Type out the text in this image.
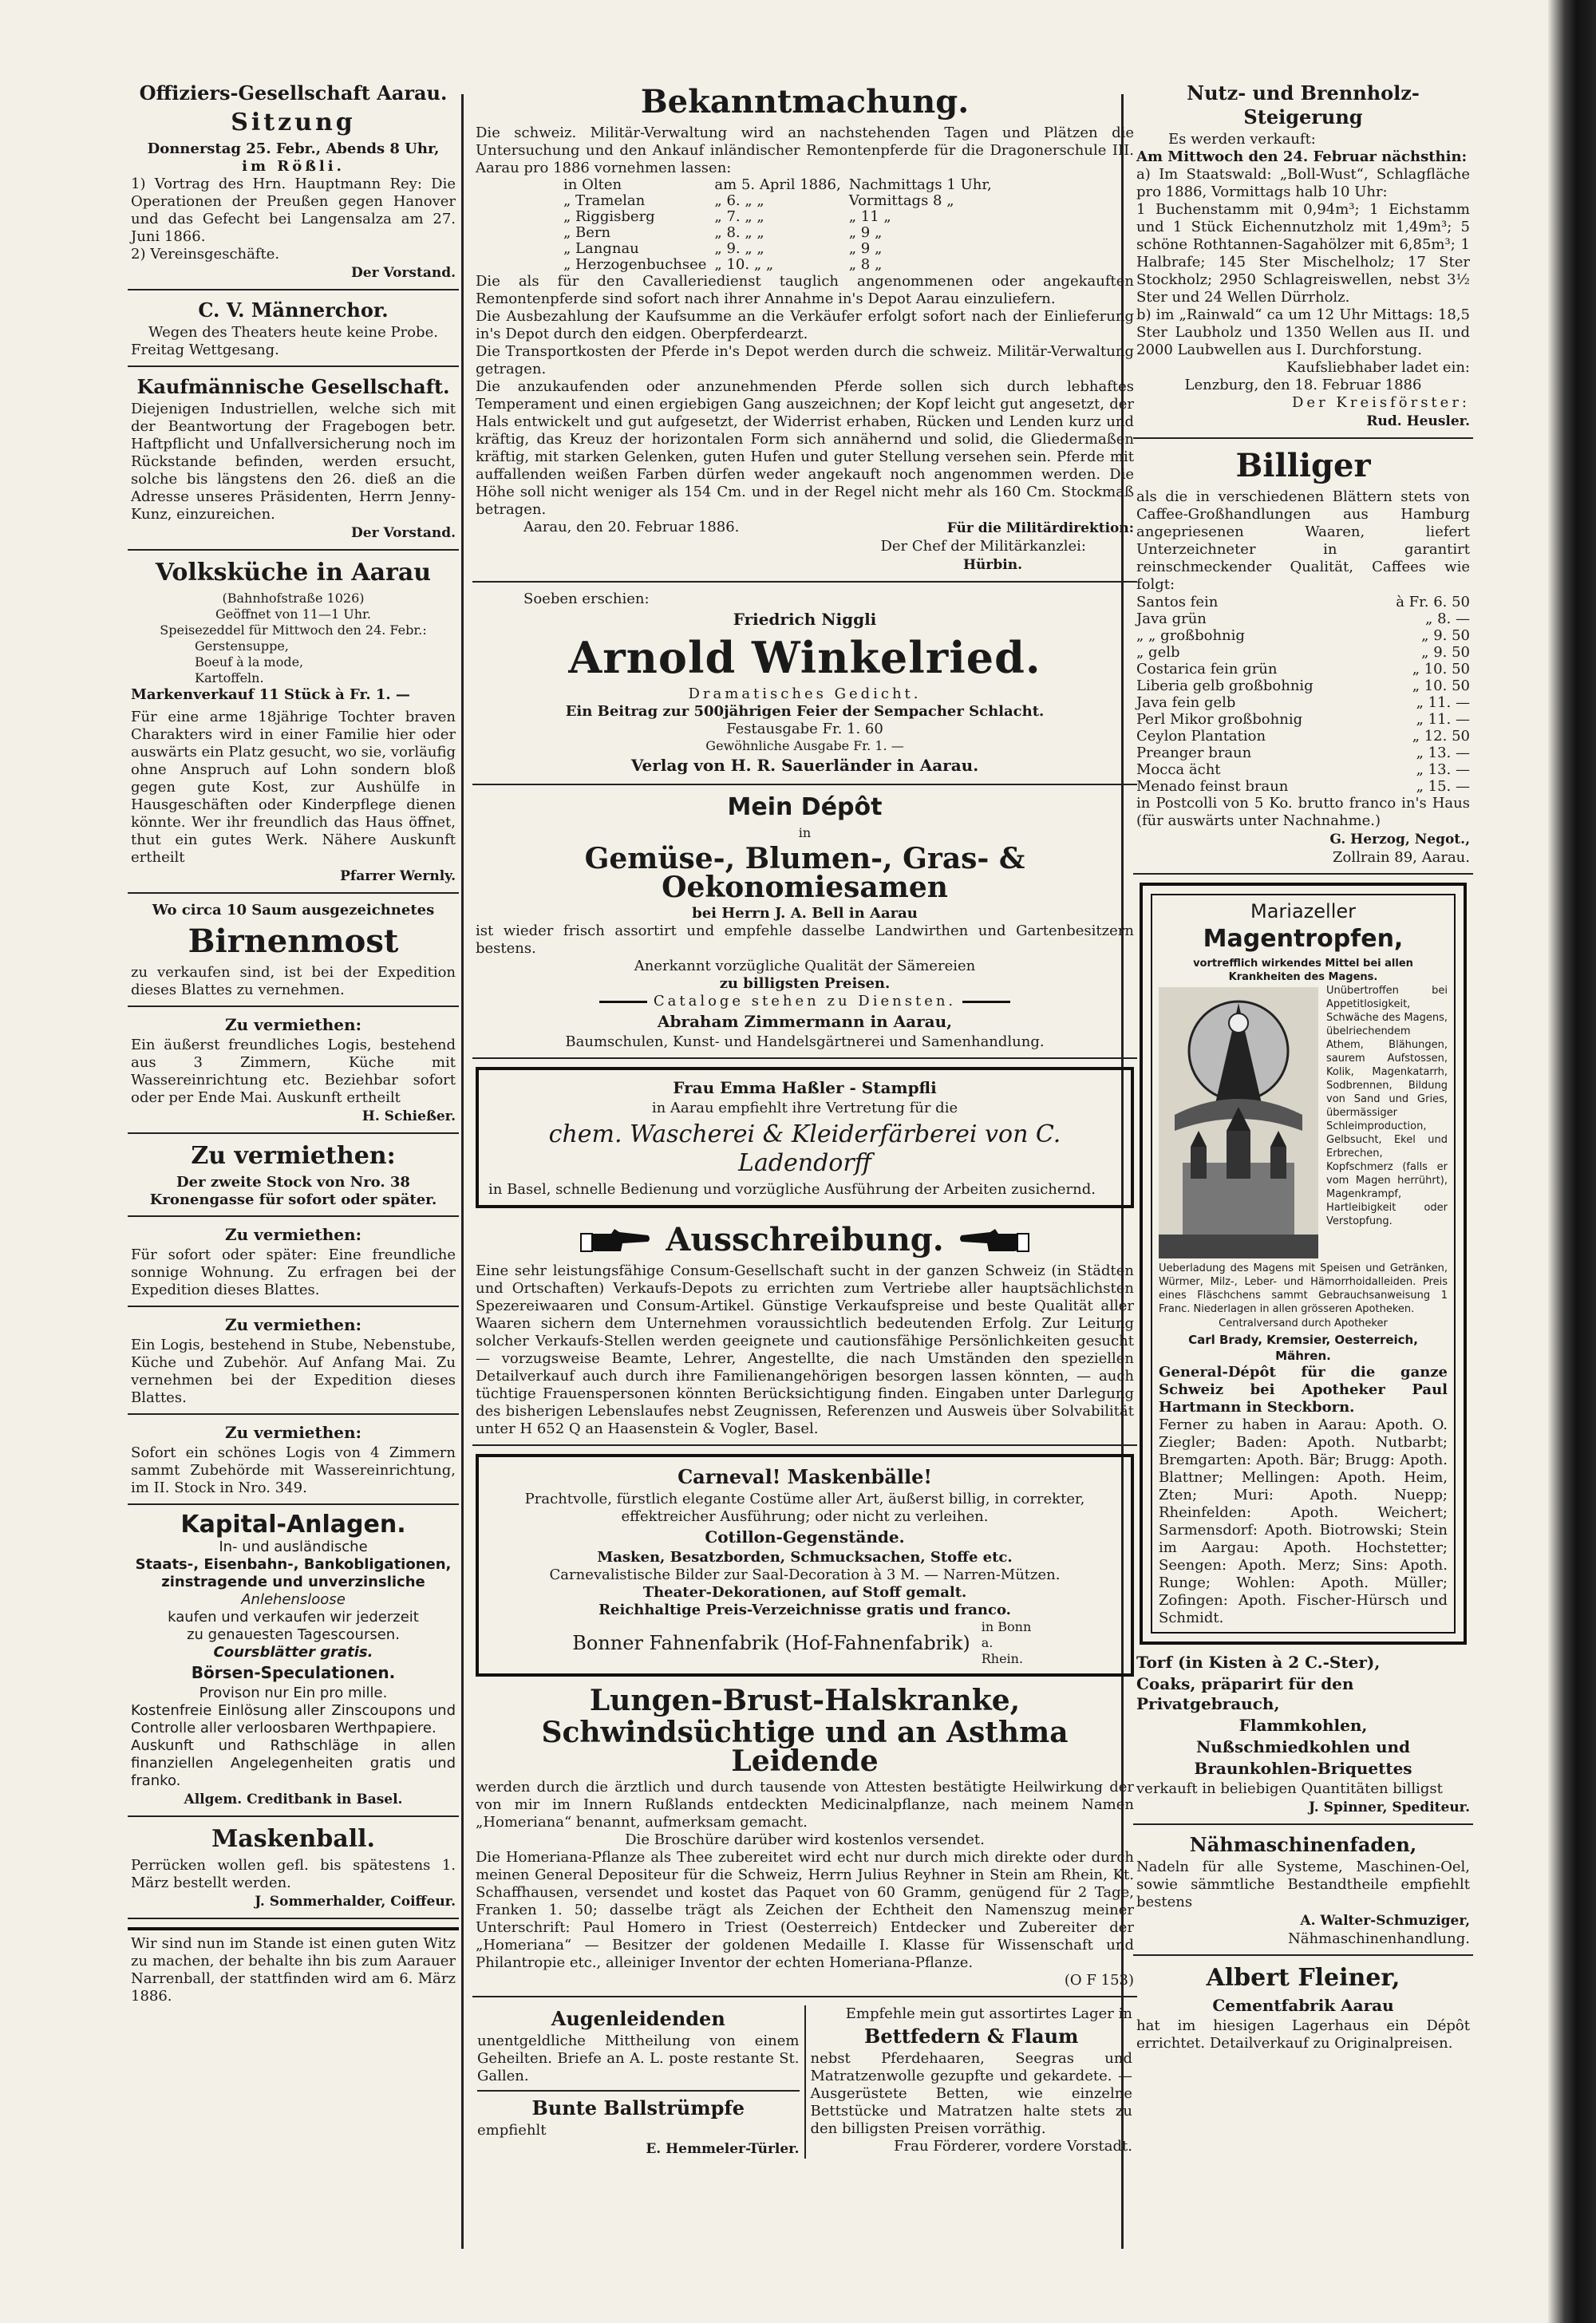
Offiziers-Gesellschaft Aarau.

Sitzung

Donnerstag 25. Febr., Abends 8 Uhr,

im Rößli.

1) Vortrag des Hrn. Hauptmann Rey: Die Operationen der Preußen gegen Hanover und das Gefecht bei Langensalza am 27. Juni 1866.

2) Vereinsgeschäfte.

Der Vorstand.

C. V. Männerchor.

Wegen des Theaters heute keine Probe.

Freitag Wettgesang.

Kaufmännische Gesellschaft.

Diejenigen Industriellen, welche sich mit der Beantwortung der Fragebogen betr. Haftpflicht und Unfallversicherung noch im Rückstande befinden, werden ersucht, solche bis längstens den 26. dieß an die Adresse unseres Präsidenten, Herrn Jenny-Kunz, einzureichen.

Der Vorstand.

Volksküche in Aarau

(Bahnhofstraße 1026)

Geöffnet von 11—1 Uhr.

Speisezeddel für Mittwoch den 24. Febr.:

Gerstensuppe,

Boeuf à la mode,

Kartoffeln.

Markenverkauf 11 Stück à Fr. 1. —

Für eine arme 18jährige Tochter braven Charakters wird in einer Familie hier oder auswärts ein Platz gesucht, wo sie, vorläufig ohne Anspruch auf Lohn sondern bloß gegen gute Kost, zur Aushülfe in Hausgeschäften oder Kinderpflege dienen könnte. Wer ihr freundlich das Haus öffnet, thut ein gutes Werk. Nähere Auskunft ertheilt

Pfarrer Wernly.

Wo circa 10 Saum ausgezeichnetes

Birnenmost

zu verkaufen sind, ist bei der Expedition dieses Blattes zu vernehmen.

Zu vermiethen:

Ein äußerst freundliches Logis, bestehend aus 3 Zimmern, Küche mit Wassereinrichtung etc. Beziehbar sofort oder per Ende Mai. Auskunft ertheilt

H. Schießer.

Zu vermiethen:

Der zweite Stock von Nro. 38 Kronengasse für sofort oder später.

Zu vermiethen:

Für sofort oder später: Eine freundliche sonnige Wohnung. Zu erfragen bei der Expedition dieses Blattes.

Zu vermiethen:

Ein Logis, bestehend in Stube, Nebenstube, Küche und Zubehör. Auf Anfang Mai. Zu vernehmen bei der Expedition dieses Blattes.

Zu vermiethen:

Sofort ein schönes Logis von 4 Zimmern sammt Zubehörde mit Wassereinrichtung, im II. Stock in Nro. 349.

Kapital-Anlagen.

In- und ausländische

Staats-, Eisenbahn-, Bankobligationen,

zinstragende und unverzinsliche

Anlehensloose

kaufen und verkaufen wir jederzeit

zu genauesten Tagescoursen.

Coursblätter gratis.

Börsen-Speculationen.

Provison nur Ein pro mille.

Kostenfreie Einlösung aller Zinscoupons und Controlle aller verloosbaren Werthpapiere.

Auskunft und Rathschläge in allen finanziellen Angelegenheiten gratis und franko.

Allgem. Creditbank in Basel.

Maskenball.

Perrücken wollen gefl. bis spätestens 1. März bestellt werden.

J. Sommerhalder, Coiffeur.

Wir sind nun im Stande ist einen guten Witz zu machen, der behalte ihn bis zum Aarauer Narrenball, der stattfinden wird am 6. März 1886.

Bekanntmachung.

Die schweiz. Militär-Verwaltung wird an nachstehenden Tagen und Plätzen die Untersuchung und den Ankauf inländischer Remontenpferde für die Dragonerschule III. Aarau pro 1886 vornehmen lassen:

in Olten	am 5. April 1886,	Nachmittags 1 Uhr,
„ Tramelan	„ 6. „ „	Vormittags 8 „
„ Riggisberg	„ 7. „ „	„ 11 „
„ Bern	„ 8. „ „	„ 9 „
„ Langnau	„ 9. „ „	„ 9 „
„ Herzogenbuchsee	„ 10. „ „	„ 8 „

Die als für den Cavalleriedienst tauglich angenommenen oder angekauften Remontenpferde sind sofort nach ihrer Annahme in's Depot Aarau einzuliefern.

Die Ausbezahlung der Kaufsumme an die Verkäufer erfolgt sofort nach der Einlieferung in's Depot durch den eidgen. Oberpferdearzt.

Die Transportkosten der Pferde in's Depot werden durch die schweiz. Militär-Verwaltung getragen.

Die anzukaufenden oder anzunehmenden Pferde sollen sich durch lebhaftes Temperament und einen ergiebigen Gang auszeichnen; der Kopf leicht gut angesetzt, der Hals entwickelt und gut aufgesetzt, der Widerrist erhaben, Rücken und Lenden kurz und kräftig, das Kreuz der horizontalen Form sich annähernd und solid, die Gliedermaßen kräftig, mit starken Gelenken, guten Hufen und guter Stellung versehen sein. Pferde mit auffallenden weißen Farben dürfen weder angekauft noch angenommen werden. Die Höhe soll nicht weniger als 154 Cm. und in der Regel nicht mehr als 160 Cm. Stockmaß betragen.

Aarau, den 20. Februar 1886.	Für die Militärdirektion:

Der Chef der Militärkanzlei:

Hürbin.

Soeben erschien:

Friedrich Niggli

Arnold Winkelried.

Dramatisches Gedicht.

Ein Beitrag zur 500jährigen Feier der Sempacher Schlacht.

Festausgabe Fr. 1. 60

Gewöhnliche Ausgabe Fr. 1. —

Verlag von H. R. Sauerländer in Aarau.

Mein Dépôt

in

Gemüse-, Blumen-, Gras- & Oekonomiesamen

bei Herrn J. A. Bell in Aarau

ist wieder frisch assortirt und empfehle dasselbe Landwirthen und Gartenbesitzern bestens.

Anerkannt vorzügliche Qualität der Sämereien

zu billigsten Preisen.

Cataloge stehen zu Diensten.

Abraham Zimmermann in Aarau,

Baumschulen, Kunst- und Handelsgärtnerei und Samenhandlung.

Frau Emma Haßler - Stampfli

in Aarau empfiehlt ihre Vertretung für die

chem. Wascherei & Kleiderfärberei von C. Ladendorff

in Basel, schnelle Bedienung und vorzügliche Ausführung der Arbeiten zusichernd.

Ausschreibung.

Eine sehr leistungsfähige Consum-Gesellschaft sucht in der ganzen Schweiz (in Städten und Ortschaften) Verkaufs-Depots zu errichten zum Vertriebe aller hauptsächlichsten Spezereiwaaren und Consum-Artikel. Günstige Verkaufspreise und beste Qualität aller Waaren sichern dem Unternehmen voraussichtlich bedeutenden Erfolg. Zur Leitung solcher Verkaufs-Stellen werden geeignete und cautionsfähige Persönlichkeiten gesucht — vorzugsweise Beamte, Lehrer, Angestellte, die nach Umständen den speziellen Detailverkauf auch durch ihre Familienangehörigen besorgen lassen könnten, — auch tüchtige Frauenspersonen könnten Berücksichtigung finden. Eingaben unter Darlegung des bisherigen Lebenslaufes nebst Zeugnissen, Referenzen und Ausweis über Solvabilität unter H 652 Q an Haasenstein & Vogler, Basel.

Carneval! Maskenbälle!

Prachtvolle, fürstlich elegante Costüme aller Art, äußerst billig, in correkter, effektreicher Ausführung; oder nicht zu verleihen.

Cotillon-Gegenstände.

Masken, Besatzborden, Schmucksachen, Stoffe etc.

Carnevalistische Bilder zur Saal-Decoration à 3 M. — Narren-Mützen.

Theater-Dekorationen, auf Stoff gemalt.

Reichhaltige Preis-Verzeichnisse gratis und franco.

Bonner Fahnenfabrik (Hof-Fahnenfabrik)

in Bonn a. Rhein.

Lungen-Brust-Halskranke,

Schwindsüchtige und an Asthma Leidende

werden durch die ärztlich und durch tausende von Attesten bestätigte Heilwirkung der von mir im Innern Rußlands entdeckten Medicinalpflanze, nach meinem Namen „Homeriana“ benannt, aufmerksam gemacht.

Die Broschüre darüber wird kostenlos versendet.

Die Homeriana-Pflanze als Thee zubereitet wird echt nur durch mich direkte oder durch meinen General Depositeur für die Schweiz, Herrn Julius Reyhner in Stein am Rhein, Kt. Schaffhausen, versendet und kostet das Paquet von 60 Gramm, genügend für 2 Tage, Franken 1. 50; dasselbe trägt als Zeichen der Echtheit den Namenszug meiner Unterschrift: Paul Homero in Triest (Oesterreich) Entdecker und Zubereiter der „Homeriana“ — Besitzer der goldenen Medaille I. Klasse für Wissenschaft und Philantropie etc., alleiniger Inventor der echten Homeriana-Pflanze.

(O F 153)

Augenleidenden

unentgeldliche Mittheilung von einem Geheilten. Briefe an A. L. poste restante St. Gallen.

Bunte Ballstrümpfe

empfiehlt

E. Hemmeler-Türler.

Empfehle mein gut assortirtes Lager in

Bettfedern & Flaum

nebst Pferdehaaren, Seegras und Matratzenwolle gezupfte und gekardete. — Ausgerüstete Betten, wie einzelne Bettstücke und Matratzen halte stets zu den billigsten Preisen vorräthig.

Frau Förderer, vordere Vorstadt.

Nutz- und Brennholz-Steigerung

Es werden verkauft:

Am Mittwoch den 24. Februar nächsthin:

a) Im Staatswald: „Boll-Wust“, Schlagfläche pro 1886, Vormittags halb 10 Uhr:

1 Buchenstamm mit 0,94m³; 1 Eichstamm und 1 Stück Eichennutzholz mit 1,49m³; 5 schöne Rothtannen-Sagahölzer mit 6,85m³; 1 Halbrafe; 145 Ster Mischelholz; 17 Ster Stockholz; 2950 Schlagreiswellen, nebst 3½ Ster und 24 Wellen Dürrholz.

b) im „Rainwald“ ca um 12 Uhr Mittags: 18,5 Ster Laubholz und 1350 Wellen aus II. und 2000 Laubwellen aus I. Durchforstung.

Kaufsliebhaber ladet ein:

Lenzburg, den 18. Februar 1886

Der Kreisförster:

Rud. Heusler.

Billiger

als die in verschiedenen Blättern stets von Caffee-Großhandlungen aus Hamburg angepriesenen Waaren, liefert Unterzeichneter in garantirt reinschmeckender Qualität, Caffees wie folgt:

Santos fein	à Fr. 6. 50
Java grün	„ 8. —
„ „ großbohnig	„ 9. 50
„ gelb	„ 9. 50
Costarica fein grün	„ 10. 50
Liberia gelb großbohnig	„ 10. 50
Java fein gelb	„ 11. —
Perl Mikor großbohnig	„ 11. —
Ceylon Plantation	„ 12. 50
Preanger braun	„ 13. —
Mocca ächt	„ 13. —
Menado feinst braun	„ 15. —

in Postcolli von 5 Ko. brutto franco in's Haus (für auswärts unter Nachnahme.)

G. Herzog, Negot.,

Zollrain 89, Aarau.

Mariazeller

Magentropfen,

vortrefflich wirkendes Mittel bei allen Krankheiten des Magens.

Unübertroffen bei Appetitlosigkeit, Schwäche des Magens, übelriechendem Athem, Blähungen, saurem Aufstossen, Kolik, Magenkatarrh, Sodbrennen, Bildung von Sand und Gries, übermässiger Schleimproduction, Gelbsucht, Ekel und Erbrechen, Kopfschmerz (falls er vom Magen herrührt), Magenkrampf, Hartleibigkeit oder Verstopfung.

Ueberladung des Magens mit Speisen und Getränken, Würmer, Milz-, Leber- und Hämorrhoidalleiden. Preis eines Fläschchens sammt Gebrauchsanweisung 1 Franc. Niederlagen in allen grösseren Apotheken.

Centralversand durch Apotheker

Carl Brady, Kremsier, Oesterreich, Mähren.

General-Dépôt für die ganze Schweiz bei Apotheker Paul Hartmann in Steckborn.

Ferner zu haben in Aarau: Apoth. O. Ziegler; Baden: Apoth. Nutbarbt; Bremgarten: Apoth. Bär; Brugg: Apoth. Blattner; Mellingen: Apoth. Heim, Zten; Muri: Apoth. Nuepp; Rheinfelden: Apoth. Weichert; Sarmensdorf: Apoth. Biotrowski; Stein im Aargau: Apoth. Hochstetter; Seengen: Apoth. Merz; Sins: Apoth. Runge; Wohlen: Apoth. Müller; Zofingen: Apoth. Fischer-Hürsch und Schmidt.

Torf (in Kisten à 2 C.-Ster),

Coaks, präparirt für den Privatgebrauch,

Flammkohlen,

Nußschmiedkohlen und

Braunkohlen-Briquettes

verkauft in beliebigen Quantitäten billigst

J. Spinner, Spediteur.

Nähmaschinenfaden,

Nadeln für alle Systeme, Maschinen-Oel, sowie sämmtliche Bestandtheile empfiehlt bestens

A. Walter-Schmuziger,

Nähmaschinenhandlung.

Albert Fleiner,

Cementfabrik Aarau

hat im hiesigen Lagerhaus ein Dépôt errichtet. Detailverkauf zu Originalpreisen.
